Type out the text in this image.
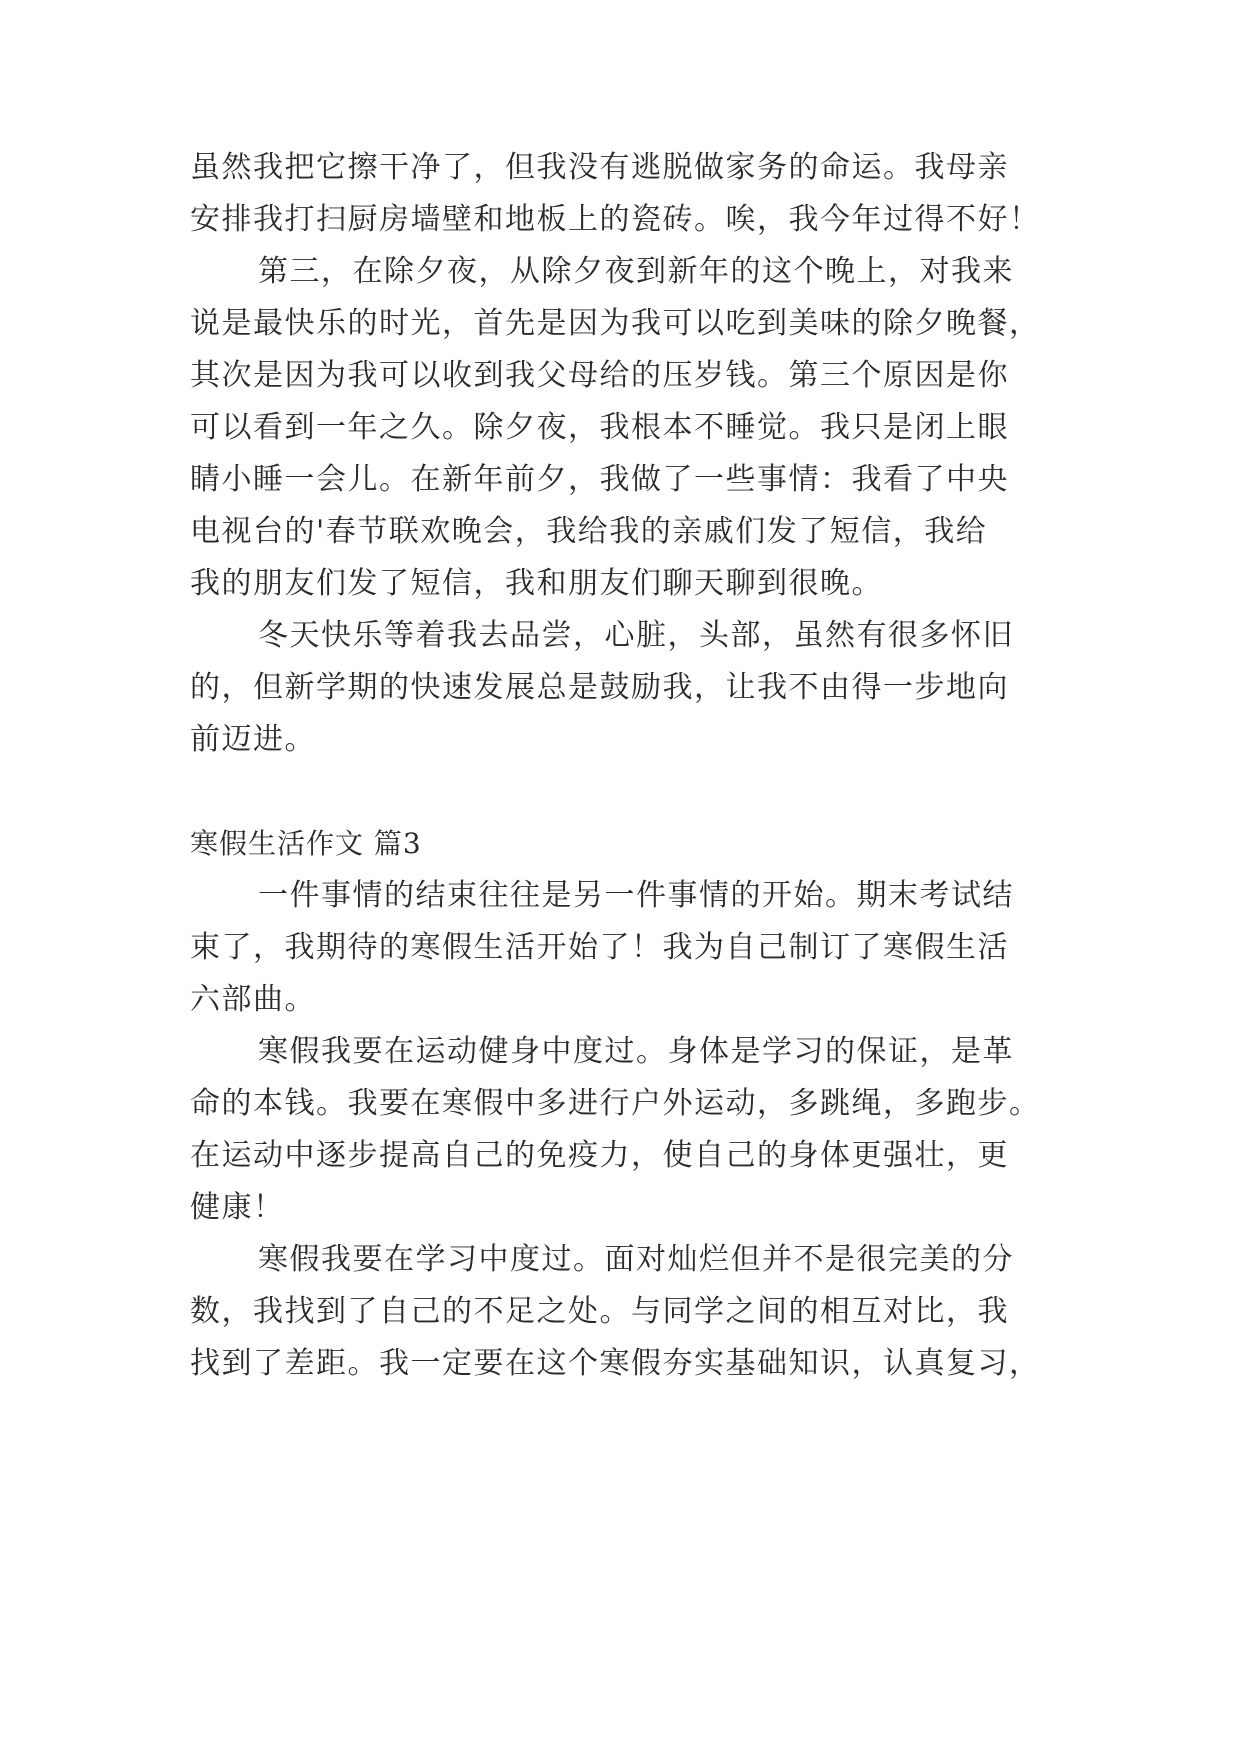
虽然我把它擦干净了，但我没有逃脱做家务的命运。我母亲
安排我打扫厨房墙壁和地板上的瓷砖。唉，我今年过得不好！
第三，在除夕夜，从除夕夜到新年的这个晚上，对我来
说是最快乐的时光，首先是因为我可以吃到美味的除夕晚餐，
其次是因为我可以收到我父母给的压岁钱。第三个原因是你
可以看到一年之久。除夕夜，我根本不睡觉。我只是闭上眼
睛小睡一会儿。在新年前夕，我做了一些事情：我看了中央
电视台的'春节联欢晚会，我给我的亲戚们发了短信，我给
我的朋友们发了短信，我和朋友们聊天聊到很晚。
冬天快乐等着我去品尝，心脏，头部，虽然有很多怀旧
的，但新学期的快速发展总是鼓励我，让我不由得一步地向
前迈进。
寒假生活作文 篇3
一件事情的结束往往是另一件事情的开始。期末考试结
束了，我期待的寒假生活开始了！我为自己制订了寒假生活
六部曲。
寒假我要在运动健身中度过。身体是学习的保证，是革
命的本钱。我要在寒假中多进行户外运动，多跳绳，多跑步。
在运动中逐步提高自己的免疫力，使自己的身体更强壮，更
健康！
寒假我要在学习中度过。面对灿烂但并不是很完美的分
数，我找到了自己的不足之处。与同学之间的相互对比，我
找到了差距。我一定要在这个寒假夯实基础知识，认真复习，
